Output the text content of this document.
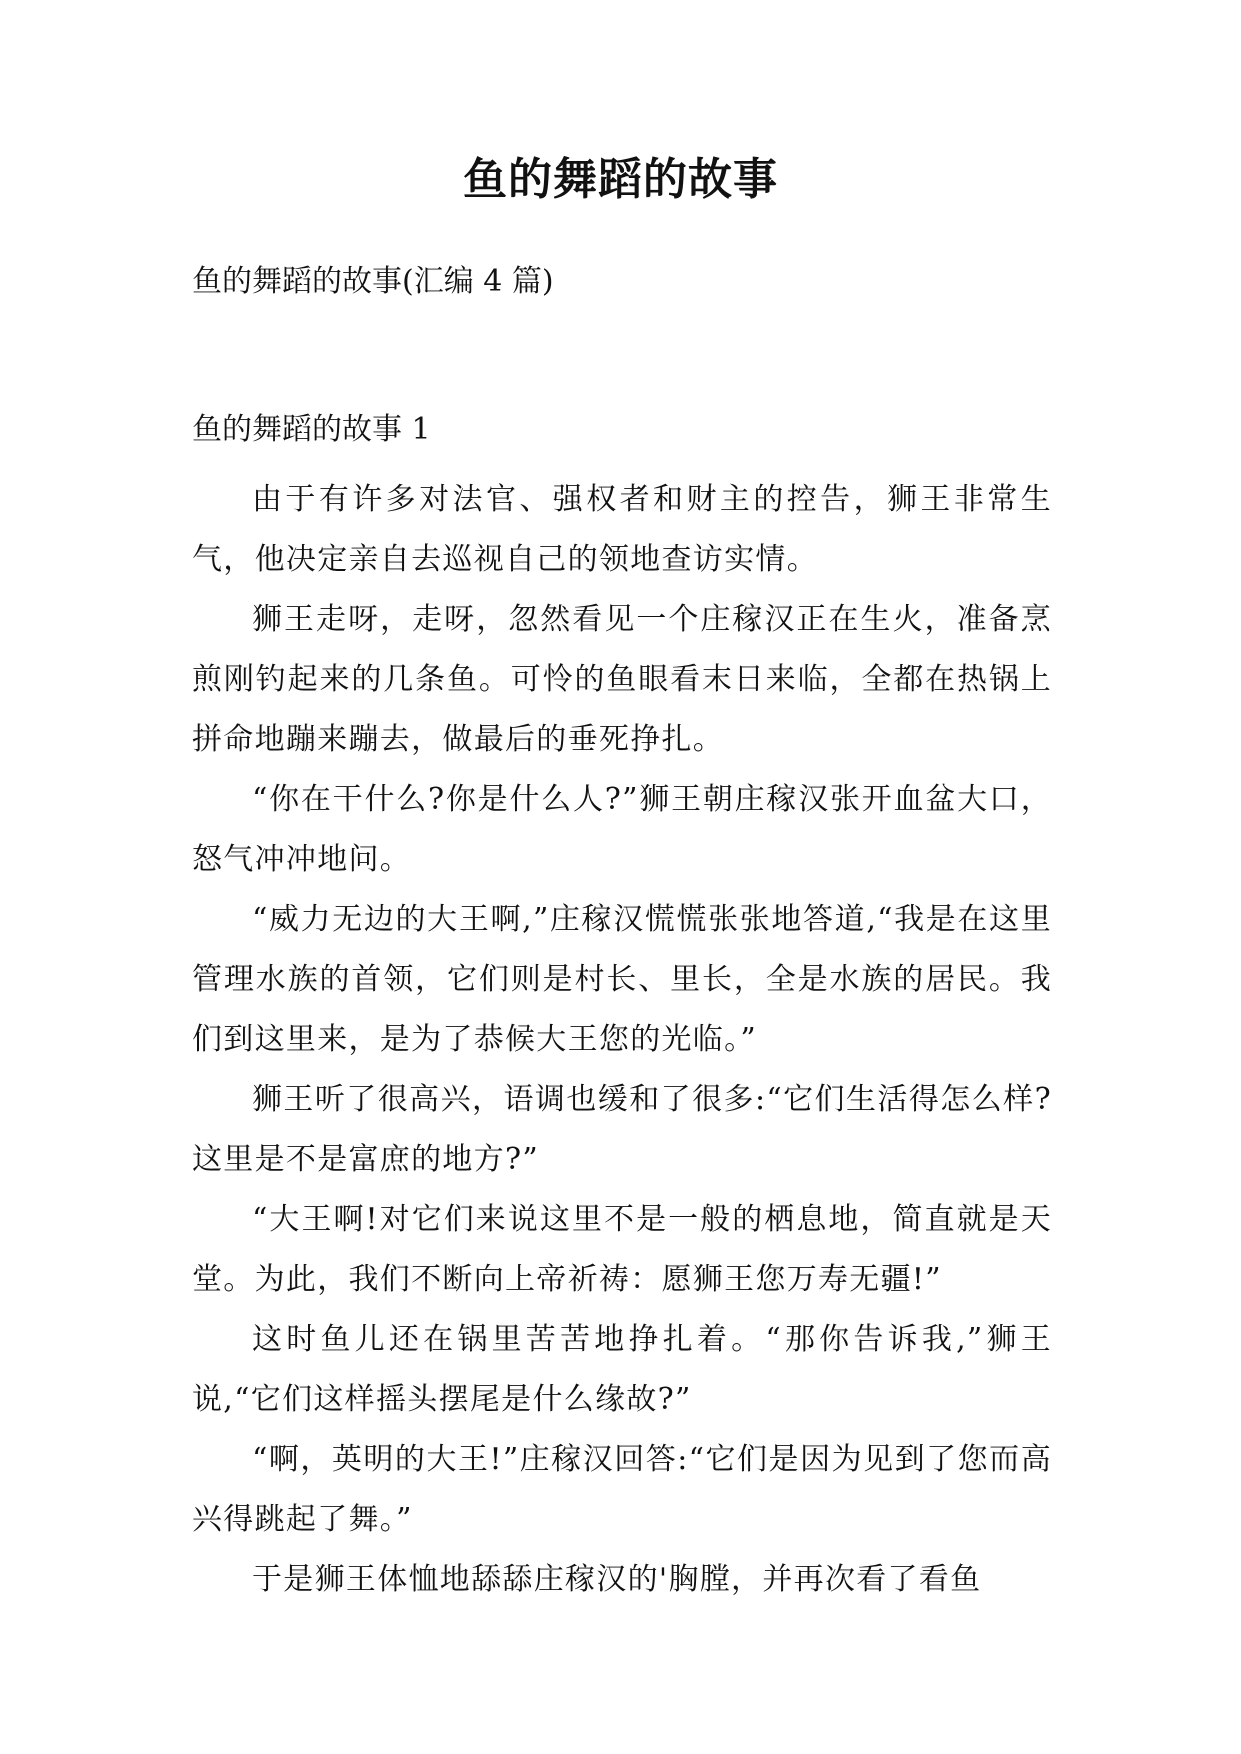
鱼的舞蹈的故事
鱼的舞蹈的故事(汇编 4 篇)
鱼的舞蹈的故事 1

由于有许多对法官、强权者和财主的控告，狮王非常生气，他决定亲自去巡视自己的领地查访实情。

狮王走呀，走呀，忽然看见一个庄稼汉正在生火，准备烹煎刚钓起来的几条鱼。可怜的鱼眼看末日来临，全都在热锅上拼命地蹦来蹦去，做最后的垂死挣扎。

“你在干什么?你是什么人?”狮王朝庄稼汉张开血盆大口，怒气冲冲地问。

“威力无边的大王啊,”庄稼汉慌慌张张地答道,“我是在这里管理水族的首领，它们则是村长、里长，全是水族的居民。我们到这里来，是为了恭候大王您的光临。”

狮王听了很高兴，语调也缓和了很多:“它们生活得怎么样?这里是不是富庶的地方?”

“大王啊!对它们来说这里不是一般的栖息地，简直就是天堂。为此，我们不断向上帝祈祷：愿狮王您万寿无疆!”

这时鱼儿还在锅里苦苦地挣扎着。“那你告诉我,”狮王说,“它们这样摇头摆尾是什么缘故?”

“啊，英明的大王!”庄稼汉回答:“它们是因为见到了您而高兴得跳起了舞。”

于是狮王体恤地舔舔庄稼汉的'胸膛，并再次看了看鱼
